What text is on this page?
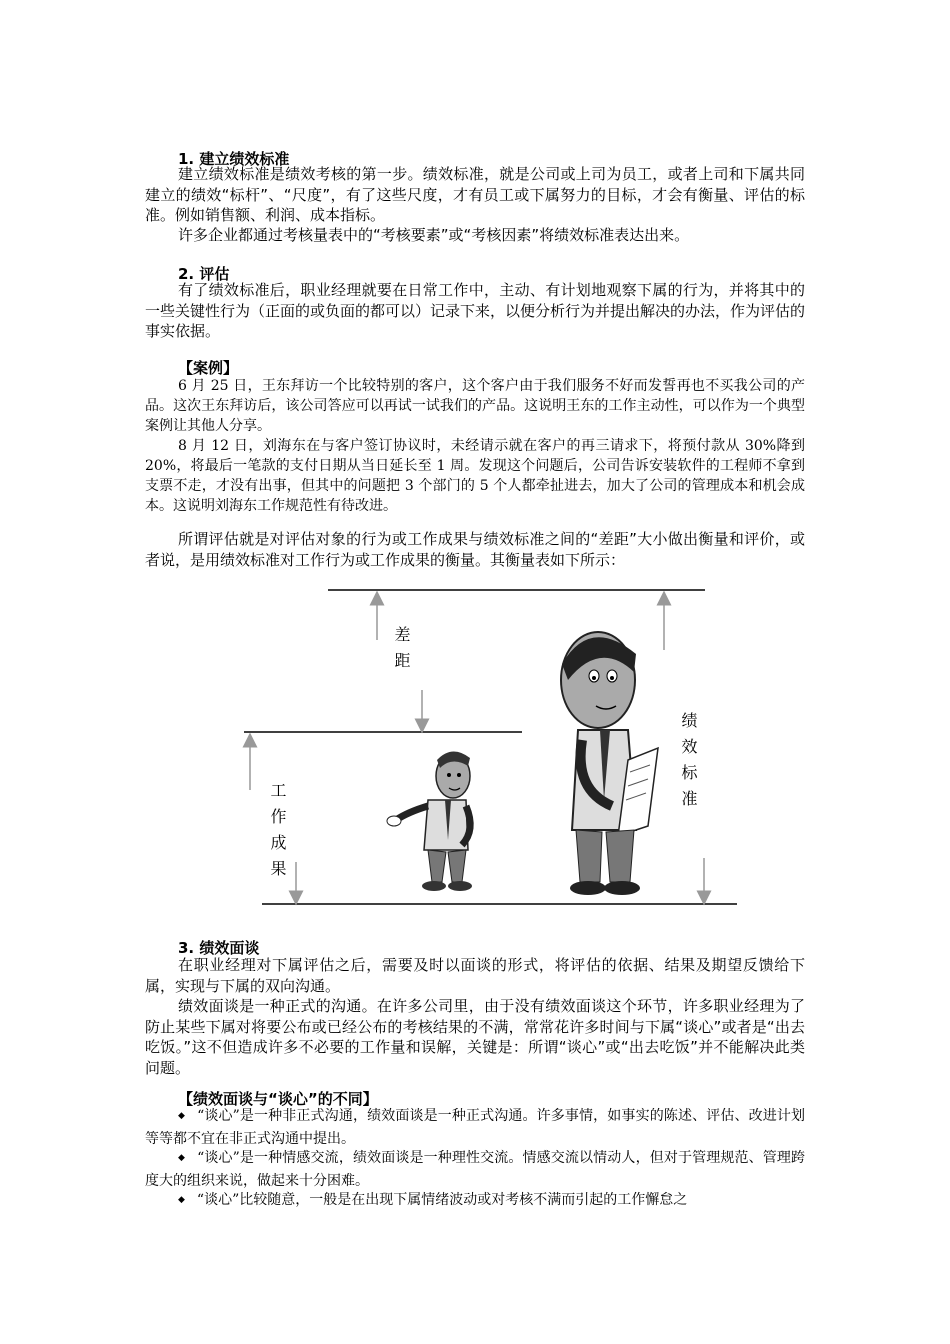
1. 建立绩效标准

建立绩效标准是绩效考核的第一步。绩效标准，就是公司或上司为员工，或者上司和下属共同建立的绩效“标杆”、“尺度”，有了这些尺度，才有员工或下属努力的目标，才会有衡量、评估的标准。例如销售额、利润、成本指标。

许多企业都通过考核量表中的“考核要素”或“考核因素”将绩效标准表达出来。

2. 评估

有了绩效标准后，职业经理就要在日常工作中，主动、有计划地观察下属的行为，并将其中的一些关键性行为（正面的或负面的都可以）记录下来，以便分析行为并提出解决的办法，作为评估的事实依据。

【案例】

6 月 25 日，王东拜访一个比较特别的客户，这个客户由于我们服务不好而发誓再也不买我公司的产品。这次王东拜访后，该公司答应可以再试一试我们的产品。这说明王东的工作主动性，可以作为一个典型案例让其他人分享。

8 月 12 日，刘海东在与客户签订协议时，未经请示就在客户的再三请求下，将预付款从 30%降到 20%，将最后一笔款的支付日期从当日延长至 1 周。发现这个问题后，公司告诉安装软件的工程师不拿到支票不走，才没有出事，但其中的问题把 3 个部门的 5 个人都牵扯进去，加大了公司的管理成本和机会成本。这说明刘海东工作规范性有待改进。

所谓评估就是对评估对象的行为或工作成果与绩效标准之间的“差距”大小做出衡量和评价，或者说，是用绩效标准对工作行为或工作成果的衡量。其衡量表如下所示：

差距
工作成果
绩效标准
3. 绩效面谈

在职业经理对下属评估之后，需要及时以面谈的形式，将评估的依据、结果及期望反馈给下属，实现与下属的双向沟通。

绩效面谈是一种正式的沟通。在许多公司里，由于没有绩效面谈这个环节，许多职业经理为了防止某些下属对将要公布或已经公布的考核结果的不满，常常花许多时间与下属“谈心”或者是“出去吃饭。”这不但造成许多不必要的工作量和误解，关键是：所谓“谈心”或“出去吃饭”并不能解决此类问题。

【绩效面谈与“谈心”的不同】

◆ “谈心”是一种非正式沟通，绩效面谈是一种正式沟通。许多事情，如事实的陈述、评估、改进计划等等都不宜在非正式沟通中提出。

◆ “谈心”是一种情感交流，绩效面谈是一种理性交流。情感交流以情动人，但对于管理规范、管理跨度大的组织来说，做起来十分困难。

◆ “谈心”比较随意，一般是在出现下属情绪波动或对考核不满而引起的工作懈怠之
